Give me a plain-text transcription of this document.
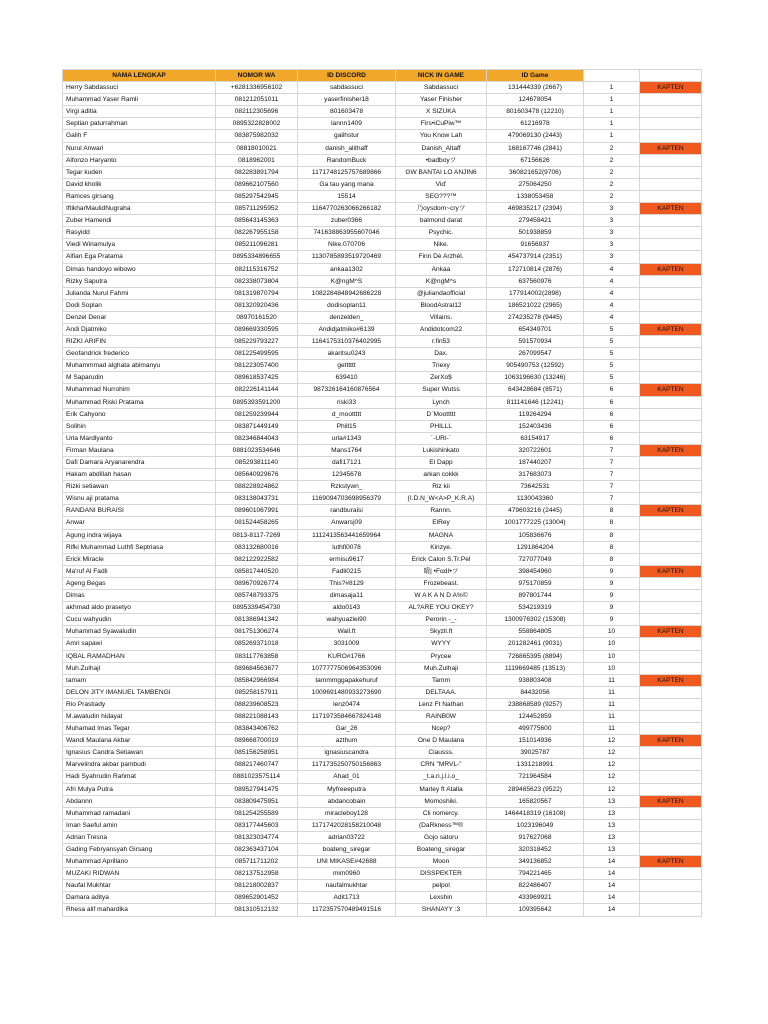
NAMA LENGKAP	NOMOR WA	ID DISCORD	NICK IN GAME	ID Game		
Herry Sabdassuci	+6281336956102	sabdassuci	Sabdassuci	131444339 (2667)	1	KAPTEN
Muhammad Yaser Ramli	081212051011	yaserfinisher18	Yaser Finisher	124678054	1	
Virgi aditia	082112305696	801603478	X SIZUKA	801603478 (12210)	1	
Septian paturrahman	0895322828002	lannn1409	Firs•iCuPiw™	61216978	1	
Galih F	083875982032	galihstur	You Know Lah	479069130 (2443)	1	
Nurul Anwari	08818010021	danish_alithaff	Danish_Altaff	168167746 (2841)	2	KAPTEN
Alfonzo Haryanto	0818962001	RandomBuck	•badboyツ	67156626	2	
Tegar kuden	082283891794	1171748125757689866	GW BANTAI LO ANJIN6	360821652(9706)	2	
David kholik	089662107560	Ga tau yang mana	Vid'	275064250	2	
Ramces girsang	085297542945	15514	SEG???™	1338053458	2	
IftikharMaulidNugraha	085711295952	1164770263066266182	乃oysdom~cryツ	469835217 (2394)	3	KAPTEN
Zuber Hamendi	085643145363	zuber0366	balmond darat	279458421	3	
Rasyidd	082267955158	741638863955607046	Psychic.	501938859	3	
Viedi Wiriamulya	085211096281	Nike.070706	Nike.	91656937	3	
Alfian Ega Pratama	0895334896655	1130785893519720469	Finn Dè Arzhèl.	454737914 (2351)	3	
Dimas handoyo wibowo	082115316752	ankaa1302	Ankaa	172710814 (2876)	4	KAPTEN
Rizky Saputra	082338073804	K@ngM^S	K@ngM^s	637560976	4	
Julianda Nurul Fahmi	081319870794	1082284848942686228	@juliandaofficial	177914002(2898)	4	
Dodi Soplan	081320920436	dodisoplan11	BloodAstral12	186521022 (2965)	4	
Denzel Denar	08970161520	denzelden_	Villains.	274235278 (9445)	4	
Andi Djatmiko	089669330595	Andidjatmiko#6139	Andidotcom22	654349701	5	KAPTEN
RIZKI ARIFIN	085229793227	1164175310376402995	r.fin53	591570934	5	
Geofandrick frederico	081225499595	akaritsu0243	Dax.	267099547	5	
Muhammmad alghata abimanyu	081223057400	getttttt	Triexy	905490753 (12592)	5	
M Saparudin	089618537425	639410	ZerXo$	1063196630 (13246)	5	
Muhammad Nurrohim	082226141144	987326164160876564	Super Wutss	643428684 (8571)	6	KAPTEN
Muhammad Riski Pratama	0895393591200	riski33	Lynch	811141646 (12241)	6	
Erik Cahyono	081259239944	d_moottttt	D`Moottttt	119264294	6	
Solihin	083871449149	Phill15	PHILLL	152403436	6	
Urla Mardlyanto	082346844043	urla#1343	`-URI-`	63154917	6	
Firman Maulana	0881023534646	Mans1764	Lukishinkato	320722601	7	KAPTEN
Dafi Damara Aryanarendra	085293811140	dafi17121	El Dapp	187440207	7	
Hakam abdillah hasan	085640929676	12345678	arkan cokkk	317683073	7	
Rizki setiawan	088228924862	Rzkstywn_	Riz kii	73642531	7	
Wisnu aji pratama	083138043731	1169094703698956379	{I.D.N_W<A>P_K.R.A}	1130043360	7	
RANDANI BURAISI	089601067991	randburaisi	Rannn.	479603216 (2445)	8	KAPTEN
Anwar	081524458265	Anwarsj09	ElRey	1001777225 (13004)	8	
Agung indra wijaya	0813-8117-7269	1112413563441659964	MAGNA	105836676	8	
Rifki Muhammad Luthfi Septriasa	083132680016	luthfi0078	Kinzye.	1291864204	8	
Erick Miracle	082122922582	ermisu9617	Erick Calon S.Tr.Pel	727077049	8	
Ma'ruf Al Fadli	085817440520	Fadli0215	晴| •Fαdℓ•ツ	398454960	9	KAPTEN
Ageng Begas	089670926774	This?#8129	Frozebeast.	975170859	9	
Dimas	085748793375	dimasaja11	W A K A N D A%©	897801744	9	
akhmad aldo prasetyo	0895339454730	aldo0143	AL?ARE YOU OKEY?	534219319	9	
Cucu wahyudin	081386941342	wahyuazlei90	Perorin -_-	1300976302 (15308)	9	
Muhammad Syawaludin	081751306274	Wall.ft	Skyzll.ft	558864805	10	KAPTEN
Amri sapawi	085269371018	3031009	WYYY	201282461 (9031)	10	
IQBAL RAMADHAN	083117763858	KURO#1766	Prycee	726865395 (8894)	10	
Muh.Zulhajl	089684563677	1077777506964353096	Muh.Zulhaji	1119669485 (13513)	10	
tamam	085842966984	tammmggapakehuruf	Tamm	938803408	11	KAPTEN
DELON JITY IMANUEL TAMBENGI	085258157911	1009691480933273690	DELTAAA.	84432056	11	
Rio Prastiady	088239608523	lenz0474	Lenz Ft Nathan	238868589 (9257)	11	
M.awaludin hidayat	088221088143	1171973584667824148	RAINB0W	124452859	11	
Muhamad Imas Tegar	083843406762	Gar_26	Ncep?	499775600	11	
Wandi Maulana Akbar	089668700019	azthum	One D Maulana	151014936	12	KAPTEN
Ignasius Candra Setiawan	085156258951	ignasiuscandra	Ciausss.	39025787	12	
Marvelindra akbar pambudi	088217460747	1171735250750156863	CRN "MRVL-"	1331218991	12	
Hadi Syahrudin Rahmat	0881023575114	Ahad_01	_t.a.n.j.l.i.o_	721964584	12	
Afri Mulya Putra	089527941475	Myfreeeputra	Marley ft Atalla	289465623 (9522)	12	
Abdannn	083809475951	abdancobain	Momoshiki.	165820567	13	KAPTEN
Muhammad ramadani	081254255589	miracleboy128	Cli nomercy.	1464418319 (16108)	13	
Iman Saeful amin	083177445603	1171742028158210048	(DaRkness™®	1023196049	13	
Adrian Tresna	081323034774	adrian03722	Gojo satoru	917627068	13	
Gading Febryansyah Girsang	082363437104	boateng_siregar	Boateng_siregar	320318452	13	
Muhammad Aprillano	085711711202	UNI MIKASE#42688	Moon	349136852	14	KAPTEN
MUZAKI RIDWAN	082137512958	mim0960	DISSPEKTER	794221465	14	
Naufal Mukhtar	081218002837	naufalmukhtar	pelpol	822486407	14	
Damara aditya	089652901452	Adit1713	Lexshin	433969921	14	
Rhesa alif mahardika	081310512132	1172357570489491516	SHANAYY :3	109395642	14	
